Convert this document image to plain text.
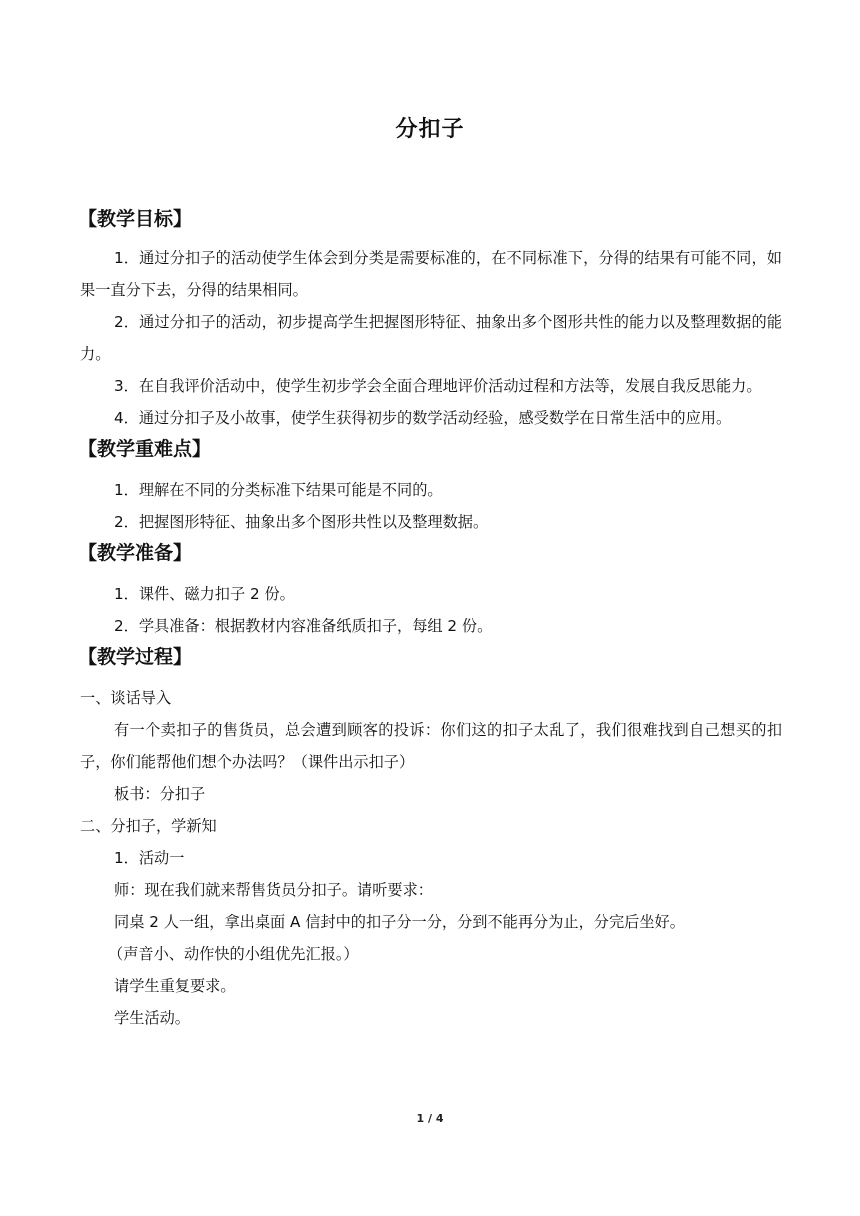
分扣子
【教学目标】

1．通过分扣子的活动使学生体会到分类是需要标准的，在不同标准下，分得的结果有可能不同，如果一直分下去，分得的结果相同。

2．通过分扣子的活动，初步提高学生把握图形特征、抽象出多个图形共性的能力以及整理数据的能力。

3．在自我评价活动中，使学生初步学会全面合理地评价活动过程和方法等，发展自我反思能力。

4．通过分扣子及小故事，使学生获得初步的数学活动经验，感受数学在日常生活中的应用。

【教学重难点】

1．理解在不同的分类标准下结果可能是不同的。

2．把握图形特征、抽象出多个图形共性以及整理数据。

【教学准备】

1．课件、磁力扣子 2 份。

2．学具准备：根据教材内容准备纸质扣子，每组 2 份。

【教学过程】

一、谈话导入

有一个卖扣子的售货员，总会遭到顾客的投诉：你们这的扣子太乱了，我们很难找到自己想买的扣子，你们能帮他们想个办法吗？（课件出示扣子）

板书：分扣子

二、分扣子，学新知

1．活动一

师：现在我们就来帮售货员分扣子。请听要求：

同桌 2 人一组，拿出桌面 A 信封中的扣子分一分，分到不能再分为止，分完后坐好。

（声音小、动作快的小组优先汇报。）

请学生重复要求。

学生活动。

1 / 4
